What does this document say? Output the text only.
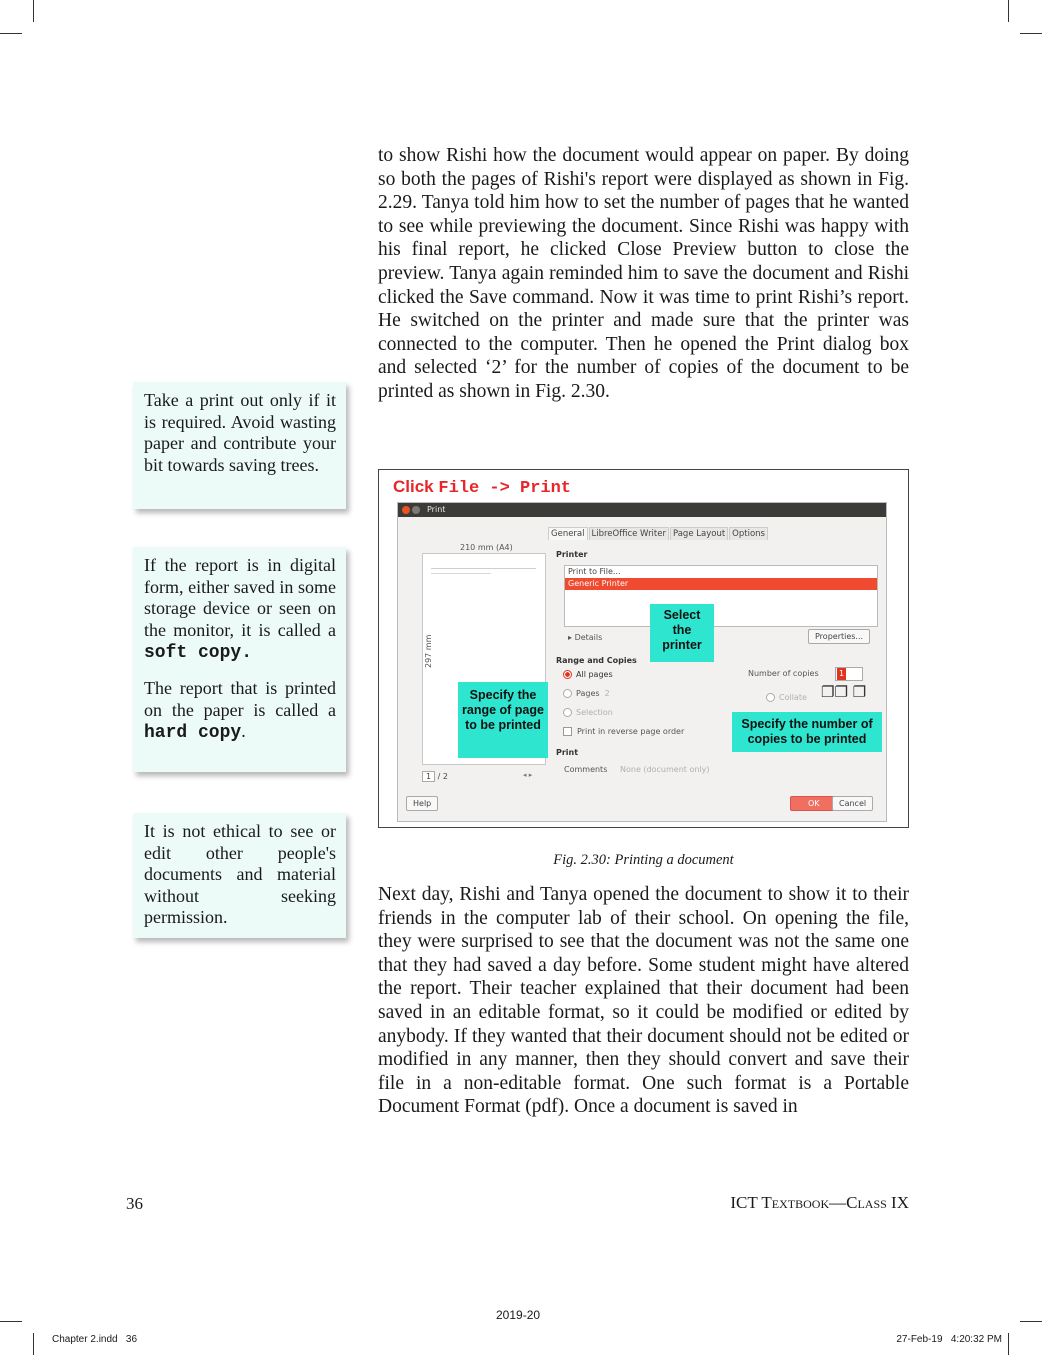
to show Rishi how the document would appear on paper. By doing so both the pages of Rishi's report were displayed as shown in Fig. 2.29. Tanya told him how to set the number of pages that he wanted to see while previewing the document. Since Rishi was happy with his final report, he clicked Close Preview button to close the preview. Tanya again reminded him to save the document and Rishi clicked the Save command. Now it was time to print Rishi’s report. He switched on the printer and made sure that the printer was connected to the computer. Then he opened the Print dialog box and selected ‘2’ for the number of copies of the document to be printed as shown in Fig. 2.30.

Take a print out only if it is required. Avoid wasting paper and contribute your bit towards saving trees.

If the report is in digital form, either saved in some storage device or seen on the monitor, it is called a soft copy.

The report that is printed on the paper is called a hard copy.

It is not ethical to see or edit other people's documents and material without seeking permission.

Click File -> Print
Print
210 mm (A4)
297 mm
1 / 2	◂ ▸
General LibreOffice Writer Page Layout Options
Printer
Print to File...
Generic Printer
▸ Details	Properties...
Range and Copies
All pages
Pages 2
Selection
Print in reverse page order
Number of copies	1
Collate ❐❐ ❐
Print
Comments None (document only)
Help	OK	Cancel
Select the printer
Specify the range of page to be printed	Specify the number of copies to be printed
Fig. 2.30: Printing a document

Next day, Rishi and Tanya opened the document to show it to their friends in the computer lab of their school. On opening the file, they were surprised to see that the document was not the same one that they had saved a day before. Some student might have altered the report. Their teacher explained that their document had been saved in an editable format, so it could be modified or edited by anybody. If they wanted that their document should not be edited or modified in any manner, then they should convert and save their file in a non-editable format. One such format is a Portable Document Format (pdf). Once a document is saved in

36	ICT Textbook—Class IX
2019-20
Chapter 2.indd   36	27-Feb-19   4:20:32 PM
